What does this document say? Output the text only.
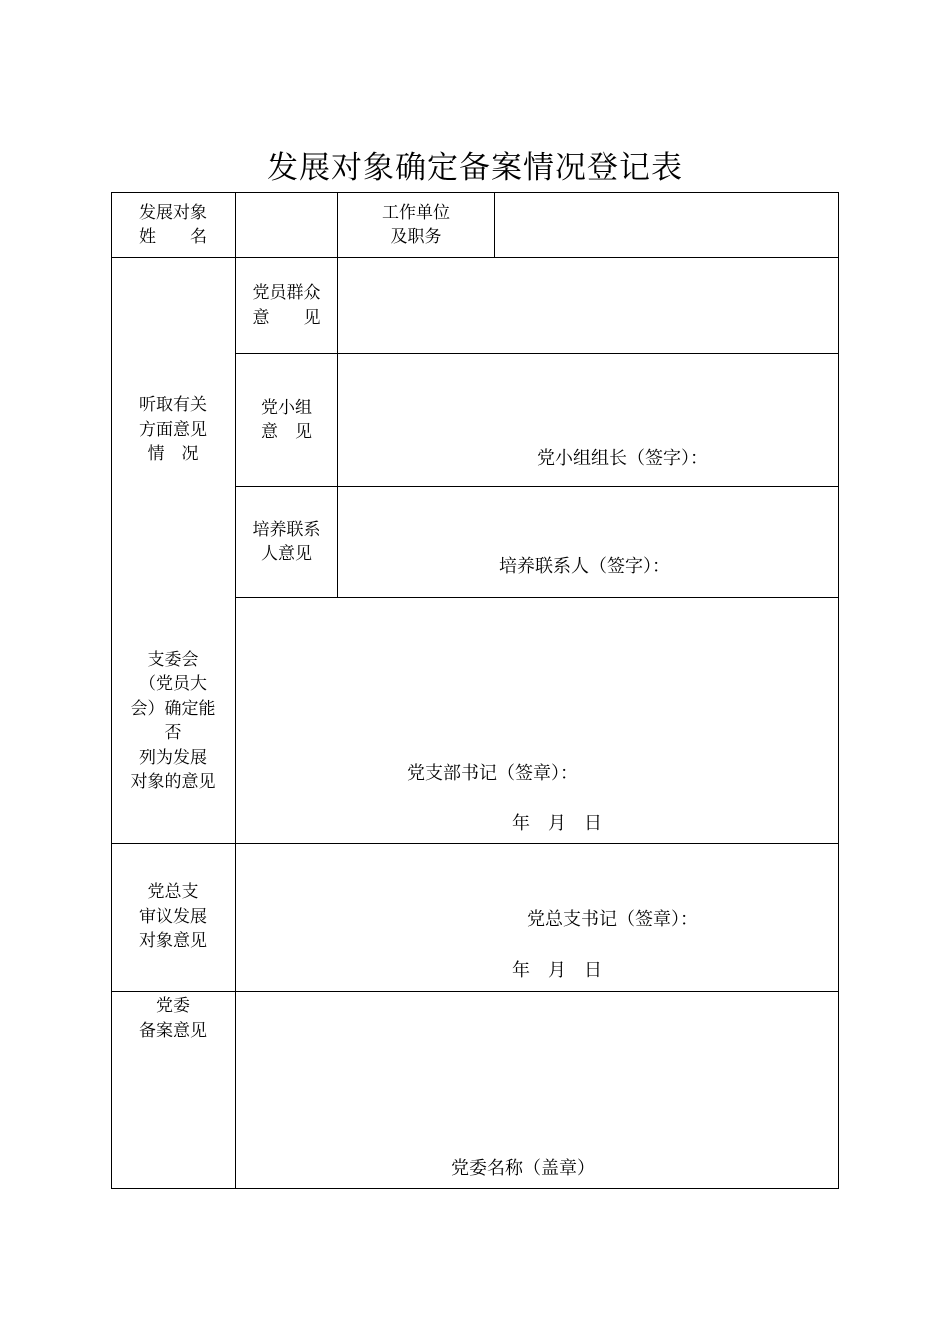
发展对象确定备案情况登记表
发展对象
姓　　名
工作单位
及职务
听取有关
方面意见
情　况
党员群众
意　　见
党小组
意　见
党小组组长（签字）：
培养联系
人意见
培养联系人（签字）：
支委会
（党员大
会）确定能
否
列为发展
对象的意见	党支部书记（签章）：
年　月　日
党总支
审议发展
对象意见
党总支书记（签章）：
年　月　日
党委
备案意见
党委名称（盖章）
